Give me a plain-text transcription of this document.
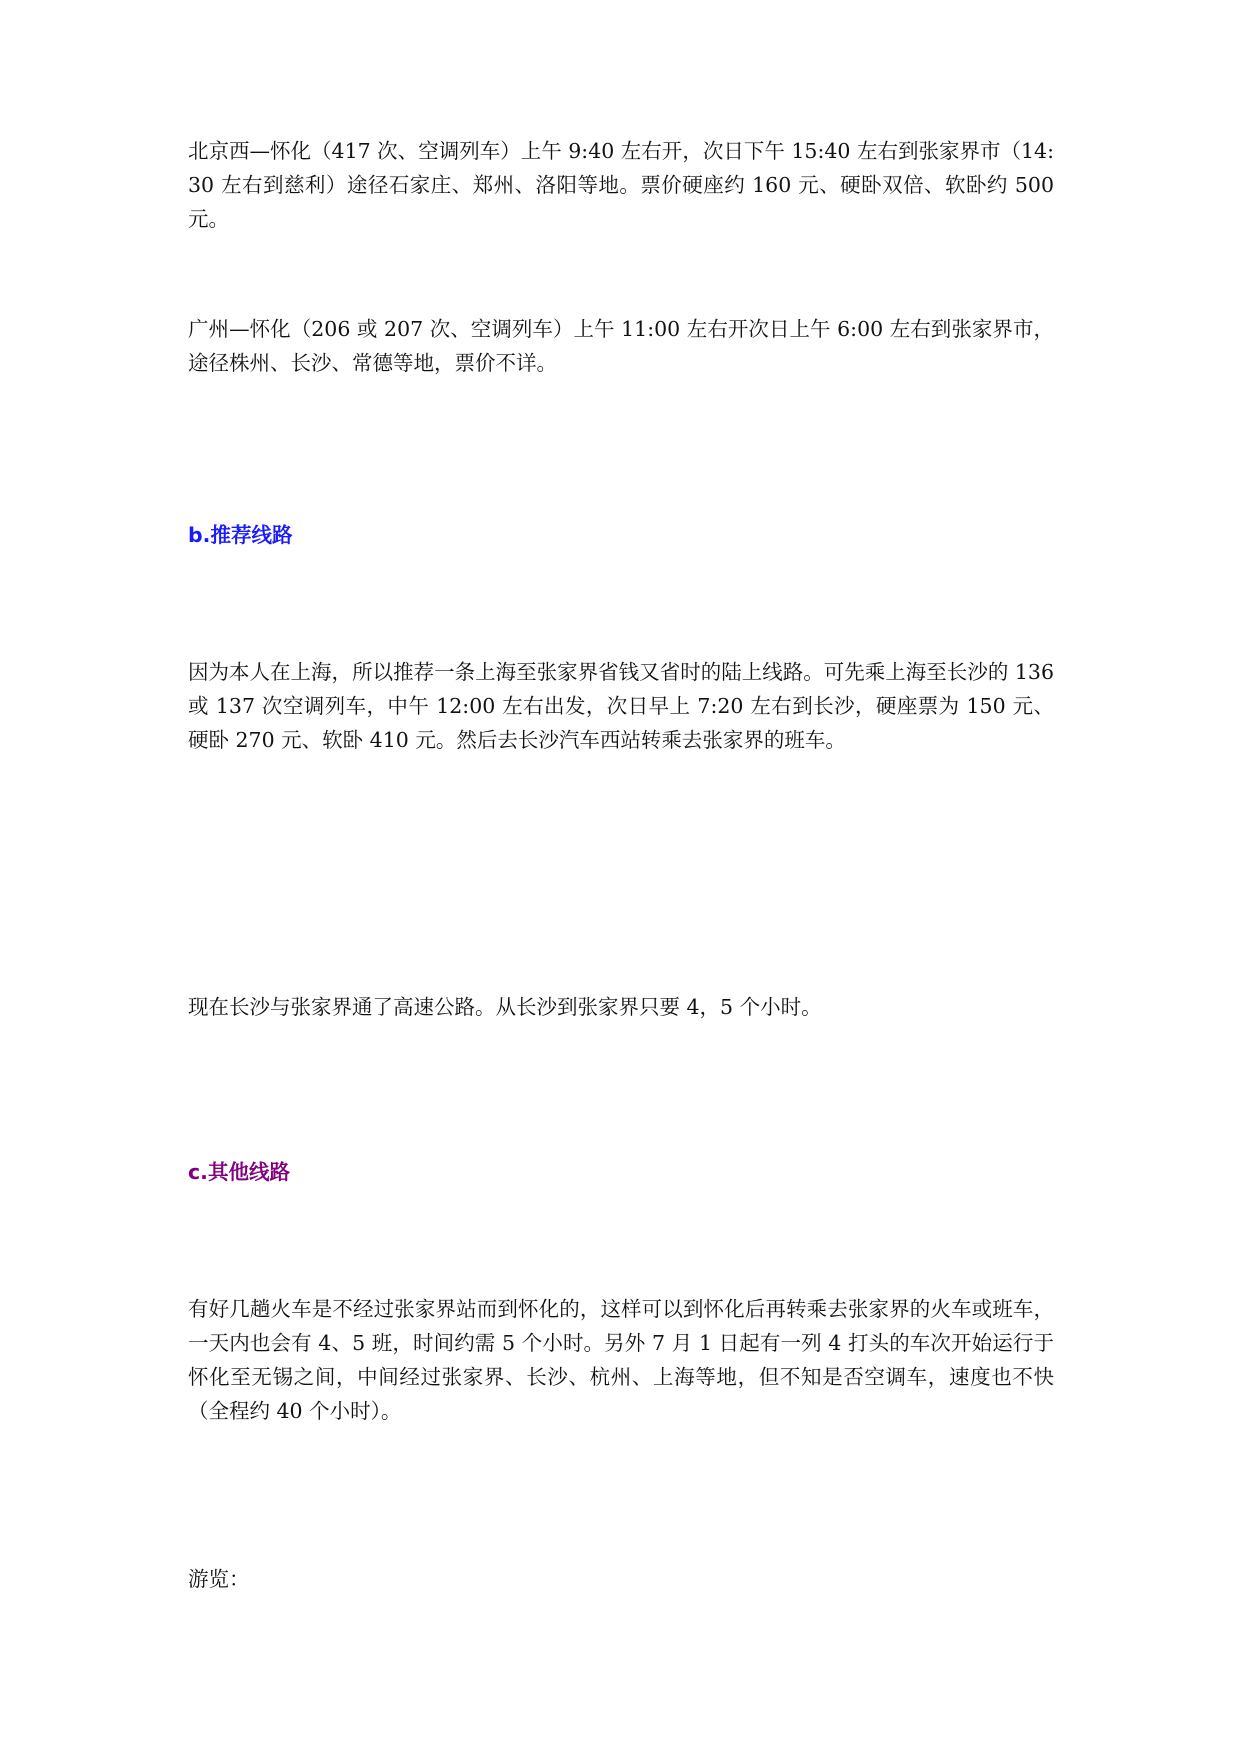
北京西—怀化（417 次、空调列车）上午 9:40 左右开，次日下午 15:40 左右到张家界市（14:30 左右到慈利）途径石家庄、郑州、洛阳等地。票价硬座约 160 元、硬卧双倍、软卧约 500 元。

广州—怀化（206 或 207 次、空调列车）上午 11:00 左右开次日上午 6:00 左右到张家界市，途径株州、长沙、常德等地，票价不详。

b.推荐线路

因为本人在上海，所以推荐一条上海至张家界省钱又省时的陆上线路。可先乘上海至长沙的 136 或 137 次空调列车，中午 12:00 左右出发，次日早上 7:20 左右到长沙，硬座票为 150 元、硬卧 270 元、软卧 410 元。然后去长沙汽车西站转乘去张家界的班车。

现在长沙与张家界通了高速公路。从长沙到张家界只要 4，5 个小时。

c.其他线路

有好几趟火车是不经过张家界站而到怀化的，这样可以到怀化后再转乘去张家界的火车或班车，一天内也会有 4、5 班，时间约需 5 个小时。另外 7 月 1 日起有一列 4 打头的车次开始运行于怀化至无锡之间，中间经过张家界、长沙、杭州、上海等地，但不知是否空调车，速度也不快（全程约 40 个小时）。

游览：
